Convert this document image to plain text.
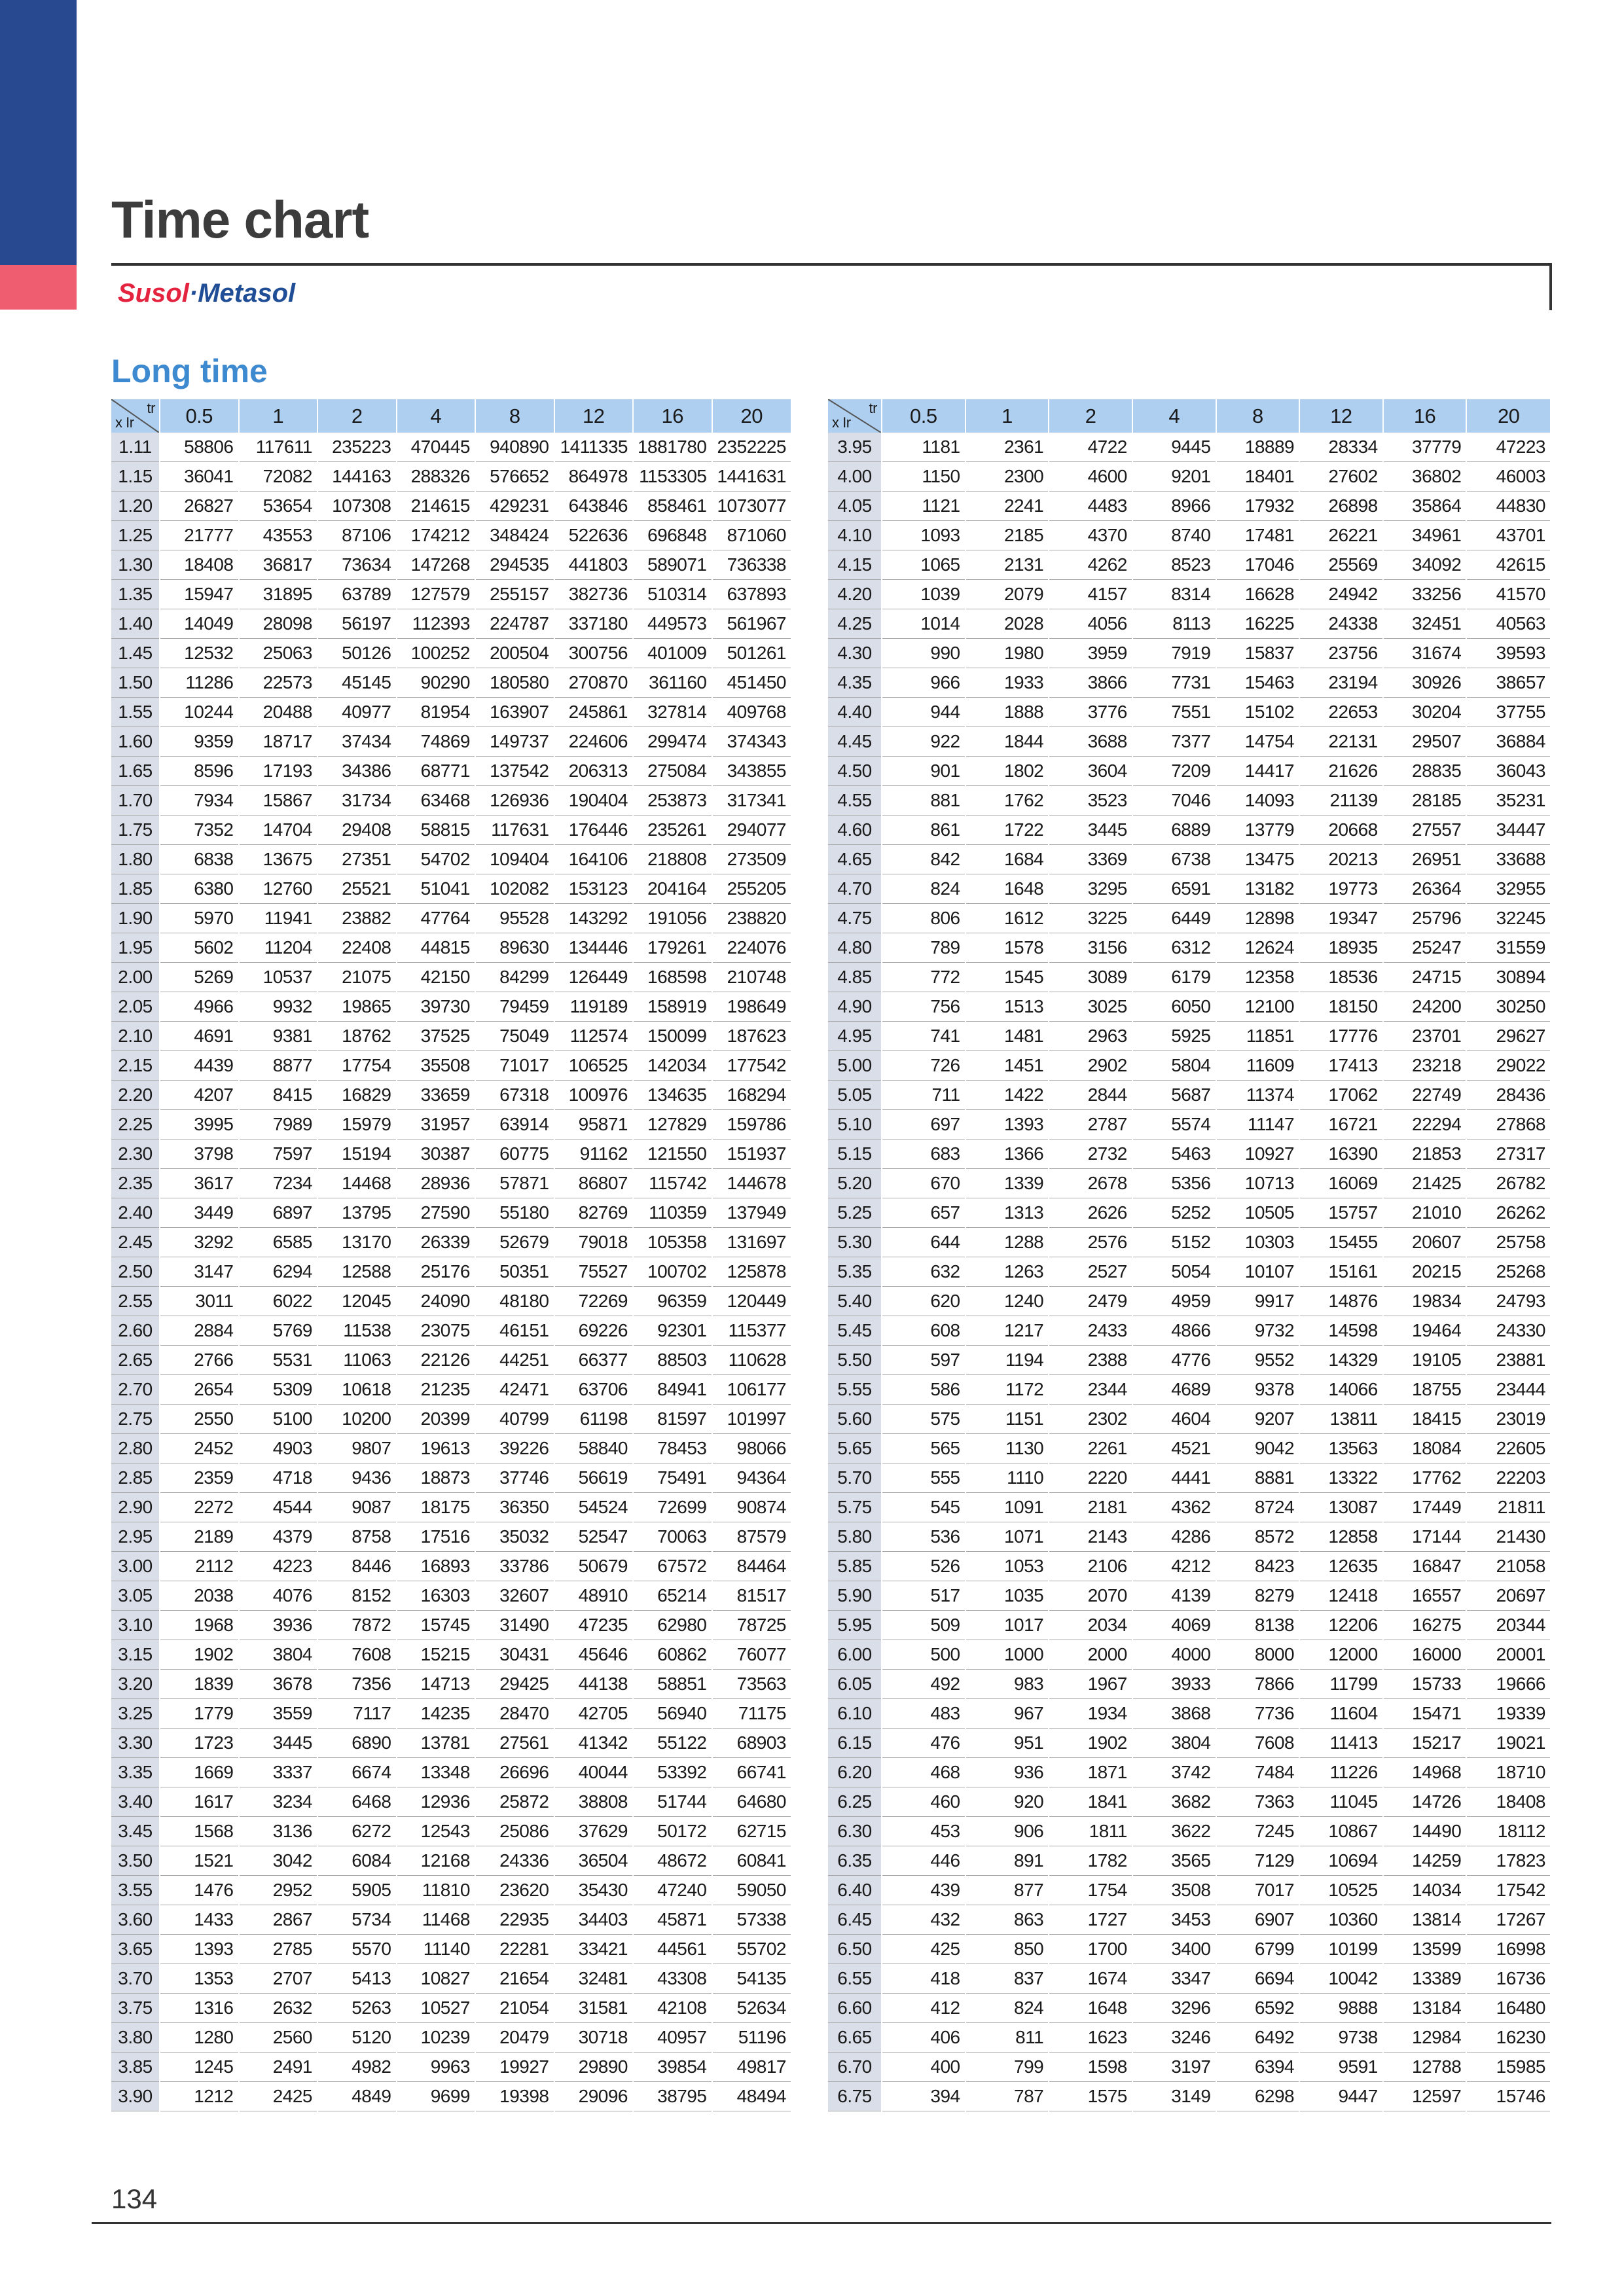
Time chart
Susol·Metasol
Long time
tr
x Ir	0.5	1	2	4	8	12	16	20
1.11	58806	117611	235223	470445	940890	1411335	1881780	2352225
1.15	36041	72082	144163	288326	576652	864978	1153305	1441631
1.20	26827	53654	107308	214615	429231	643846	858461	1073077
1.25	21777	43553	87106	174212	348424	522636	696848	871060
1.30	18408	36817	73634	147268	294535	441803	589071	736338
1.35	15947	31895	63789	127579	255157	382736	510314	637893
1.40	14049	28098	56197	112393	224787	337180	449573	561967
1.45	12532	25063	50126	100252	200504	300756	401009	501261
1.50	11286	22573	45145	90290	180580	270870	361160	451450
1.55	10244	20488	40977	81954	163907	245861	327814	409768
1.60	9359	18717	37434	74869	149737	224606	299474	374343
1.65	8596	17193	34386	68771	137542	206313	275084	343855
1.70	7934	15867	31734	63468	126936	190404	253873	317341
1.75	7352	14704	29408	58815	117631	176446	235261	294077
1.80	6838	13675	27351	54702	109404	164106	218808	273509
1.85	6380	12760	25521	51041	102082	153123	204164	255205
1.90	5970	11941	23882	47764	95528	143292	191056	238820
1.95	5602	11204	22408	44815	89630	134446	179261	224076
2.00	5269	10537	21075	42150	84299	126449	168598	210748
2.05	4966	9932	19865	39730	79459	119189	158919	198649
2.10	4691	9381	18762	37525	75049	112574	150099	187623
2.15	4439	8877	17754	35508	71017	106525	142034	177542
2.20	4207	8415	16829	33659	67318	100976	134635	168294
2.25	3995	7989	15979	31957	63914	95871	127829	159786
2.30	3798	7597	15194	30387	60775	91162	121550	151937
2.35	3617	7234	14468	28936	57871	86807	115742	144678
2.40	3449	6897	13795	27590	55180	82769	110359	137949
2.45	3292	6585	13170	26339	52679	79018	105358	131697
2.50	3147	6294	12588	25176	50351	75527	100702	125878
2.55	3011	6022	12045	24090	48180	72269	96359	120449
2.60	2884	5769	11538	23075	46151	69226	92301	115377
2.65	2766	5531	11063	22126	44251	66377	88503	110628
2.70	2654	5309	10618	21235	42471	63706	84941	106177
2.75	2550	5100	10200	20399	40799	61198	81597	101997
2.80	2452	4903	9807	19613	39226	58840	78453	98066
2.85	2359	4718	9436	18873	37746	56619	75491	94364
2.90	2272	4544	9087	18175	36350	54524	72699	90874
2.95	2189	4379	8758	17516	35032	52547	70063	87579
3.00	2112	4223	8446	16893	33786	50679	67572	84464
3.05	2038	4076	8152	16303	32607	48910	65214	81517
3.10	1968	3936	7872	15745	31490	47235	62980	78725
3.15	1902	3804	7608	15215	30431	45646	60862	76077
3.20	1839	3678	7356	14713	29425	44138	58851	73563
3.25	1779	3559	7117	14235	28470	42705	56940	71175
3.30	1723	3445	6890	13781	27561	41342	55122	68903
3.35	1669	3337	6674	13348	26696	40044	53392	66741
3.40	1617	3234	6468	12936	25872	38808	51744	64680
3.45	1568	3136	6272	12543	25086	37629	50172	62715
3.50	1521	3042	6084	12168	24336	36504	48672	60841
3.55	1476	2952	5905	11810	23620	35430	47240	59050
3.60	1433	2867	5734	11468	22935	34403	45871	57338
3.65	1393	2785	5570	11140	22281	33421	44561	55702
3.70	1353	2707	5413	10827	21654	32481	43308	54135
3.75	1316	2632	5263	10527	21054	31581	42108	52634
3.80	1280	2560	5120	10239	20479	30718	40957	51196
3.85	1245	2491	4982	9963	19927	29890	39854	49817
3.90	1212	2425	4849	9699	19398	29096	38795	48494
tr
x Ir	0.5	1	2	4	8	12	16	20
3.95	1181	2361	4722	9445	18889	28334	37779	47223
4.00	1150	2300	4600	9201	18401	27602	36802	46003
4.05	1121	2241	4483	8966	17932	26898	35864	44830
4.10	1093	2185	4370	8740	17481	26221	34961	43701
4.15	1065	2131	4262	8523	17046	25569	34092	42615
4.20	1039	2079	4157	8314	16628	24942	33256	41570
4.25	1014	2028	4056	8113	16225	24338	32451	40563
4.30	990	1980	3959	7919	15837	23756	31674	39593
4.35	966	1933	3866	7731	15463	23194	30926	38657
4.40	944	1888	3776	7551	15102	22653	30204	37755
4.45	922	1844	3688	7377	14754	22131	29507	36884
4.50	901	1802	3604	7209	14417	21626	28835	36043
4.55	881	1762	3523	7046	14093	21139	28185	35231
4.60	861	1722	3445	6889	13779	20668	27557	34447
4.65	842	1684	3369	6738	13475	20213	26951	33688
4.70	824	1648	3295	6591	13182	19773	26364	32955
4.75	806	1612	3225	6449	12898	19347	25796	32245
4.80	789	1578	3156	6312	12624	18935	25247	31559
4.85	772	1545	3089	6179	12358	18536	24715	30894
4.90	756	1513	3025	6050	12100	18150	24200	30250
4.95	741	1481	2963	5925	11851	17776	23701	29627
5.00	726	1451	2902	5804	11609	17413	23218	29022
5.05	711	1422	2844	5687	11374	17062	22749	28436
5.10	697	1393	2787	5574	11147	16721	22294	27868
5.15	683	1366	2732	5463	10927	16390	21853	27317
5.20	670	1339	2678	5356	10713	16069	21425	26782
5.25	657	1313	2626	5252	10505	15757	21010	26262
5.30	644	1288	2576	5152	10303	15455	20607	25758
5.35	632	1263	2527	5054	10107	15161	20215	25268
5.40	620	1240	2479	4959	9917	14876	19834	24793
5.45	608	1217	2433	4866	9732	14598	19464	24330
5.50	597	1194	2388	4776	9552	14329	19105	23881
5.55	586	1172	2344	4689	9378	14066	18755	23444
5.60	575	1151	2302	4604	9207	13811	18415	23019
5.65	565	1130	2261	4521	9042	13563	18084	22605
5.70	555	1110	2220	4441	8881	13322	17762	22203
5.75	545	1091	2181	4362	8724	13087	17449	21811
5.80	536	1071	2143	4286	8572	12858	17144	21430
5.85	526	1053	2106	4212	8423	12635	16847	21058
5.90	517	1035	2070	4139	8279	12418	16557	20697
5.95	509	1017	2034	4069	8138	12206	16275	20344
6.00	500	1000	2000	4000	8000	12000	16000	20001
6.05	492	983	1967	3933	7866	11799	15733	19666
6.10	483	967	1934	3868	7736	11604	15471	19339
6.15	476	951	1902	3804	7608	11413	15217	19021
6.20	468	936	1871	3742	7484	11226	14968	18710
6.25	460	920	1841	3682	7363	11045	14726	18408
6.30	453	906	1811	3622	7245	10867	14490	18112
6.35	446	891	1782	3565	7129	10694	14259	17823
6.40	439	877	1754	3508	7017	10525	14034	17542
6.45	432	863	1727	3453	6907	10360	13814	17267
6.50	425	850	1700	3400	6799	10199	13599	16998
6.55	418	837	1674	3347	6694	10042	13389	16736
6.60	412	824	1648	3296	6592	9888	13184	16480
6.65	406	811	1623	3246	6492	9738	12984	16230
6.70	400	799	1598	3197	6394	9591	12788	15985
6.75	394	787	1575	3149	6298	9447	12597	15746
134
